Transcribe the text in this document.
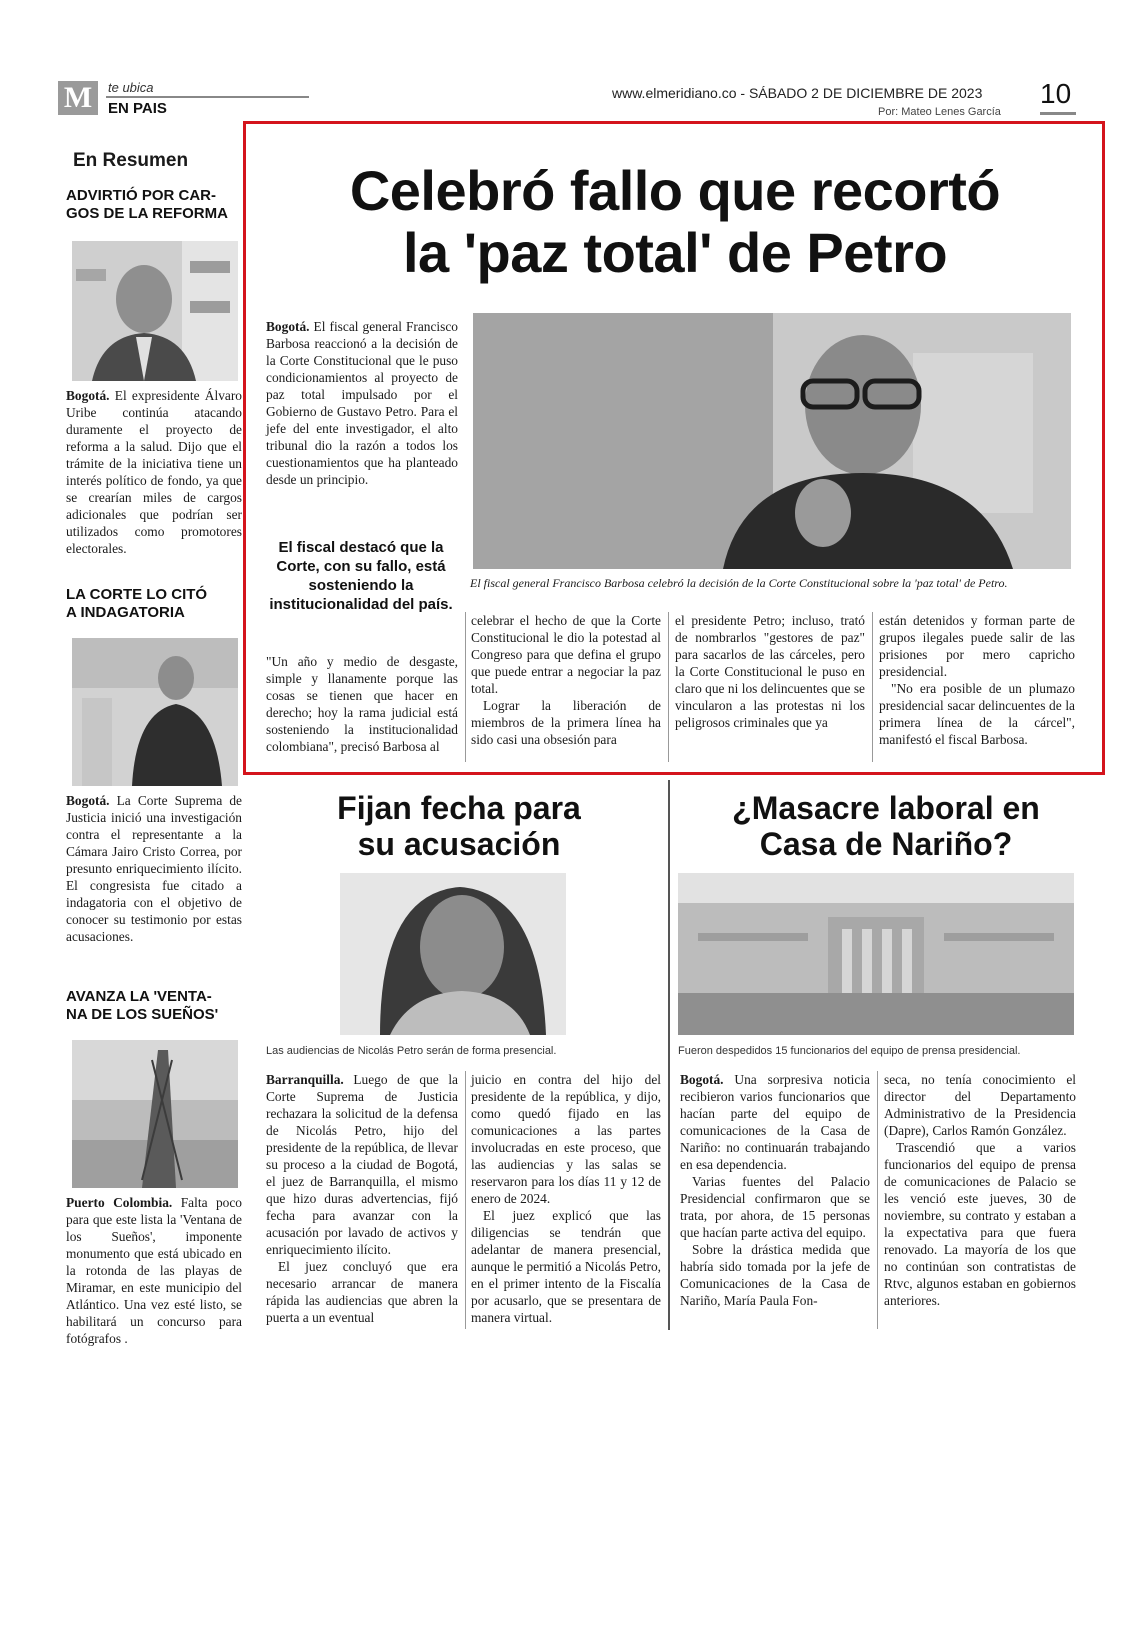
M	te ubica
EN PAIS
www.elmeridiano.co - SÁBADO 2 DE DICIEMBRE DE 2023
Por: Mateo Lenes García
10
En Resumen
ADVIRTIÓ POR CAR-
GOS DE LA REFORMA

Bogotá. El expresidente Álvaro Uribe continúa atacando duramente el proyecto de reforma a la salud. Dijo que el trámite de la iniciativa tiene un interés político de fondo, ya que se crearían miles de cargos adicionales que podrían ser utilizados como promotores electorales.

LA CORTE LO CITÓ
A INDAGATORIA

Bogotá. La Corte Suprema de Justicia inició una investigación contra el representante a la Cámara Jairo Cristo Correa, por presunto enriquecimiento ilícito. El congresista fue citado a indagatoria con el objetivo de conocer su testimonio por estas acusaciones.

AVANZA LA 'VENTA-
NA DE LOS SUEÑOS'

Puerto Colombia. Falta poco para que este lista la 'Ventana de los Sueños', imponente monumento que está ubicado en la rotonda de las playas de Miramar, en este municipio del Atlántico. Una vez esté listo, se habilitará un concurso para fotógrafos .

Celebró fallo que recortó
la 'paz total' de Petro

Bogotá. El fiscal general Francisco Barbosa reaccionó a la decisión de la Corte Constitucional que le puso condicionamientos al proyecto de paz total impulsado por el Gobierno de Gustavo Petro. Para el jefe del ente investigador, el alto tribunal dio la razón a todos los cuestionamientos que ha planteado desde un principio.

El fiscal destacó que la Corte, con su fallo, está sosteniendo la institucionalidad del país.

"Un año y medio de desgaste, simple y llanamente porque las cosas se tienen que hacer en derecho; hoy la rama judicial está sosteniendo la institucionalidad colombiana", precisó Barbosa al

El fiscal general Francisco Barbosa celebró la decisión de la Corte Constitucional sobre la 'paz total' de Petro.

celebrar el hecho de que la Corte Constitucional le dio la potestad al Congreso para que defina el grupo que puede entrar a negociar la paz total.

Lograr la liberación de miembros de la primera línea ha sido casi una obsesión para

el presidente Petro; incluso, trató de nombrarlos "gestores de paz" para sacarlos de las cárceles, pero la Corte Constitucional le puso en claro que ni los delincuentes que se vincularon a las protestas ni los peligrosos criminales que ya

están detenidos y forman parte de grupos ilegales puede salir de las prisiones por mero capricho presidencial.

"No era posible de un plumazo presidencial sacar delincuentes de la primera línea de la cárcel", manifestó el fiscal Barbosa.

Fijan fecha para
su acusación
Las audiencias de Nicolás Petro serán de forma presencial.

Barranquilla. Luego de que la Corte Suprema de Justicia rechazara la solicitud de la defensa de Nicolás Petro, hijo del presidente de la república, de llevar su proceso a la ciudad de Bogotá, el juez de Barranquilla, el mismo que hizo duras advertencias, fijó fecha para avanzar con la acusación por lavado de activos y enriquecimiento ilícito.

El juez concluyó que era necesario arrancar de manera rápida las audiencias que abren la puerta a un eventual

juicio en contra del hijo del presidente de la república, y dijo, como quedó fijado en las comunicaciones a las partes involucradas en este proceso, que las audiencias y las salas se reservaron para los días 11 y 12 de enero de 2024.

El juez explicó que las diligencias se tendrán que adelantar de manera presencial, aunque le permitió a Nicolás Petro, en el primer intento de la Fiscalía por acusarlo, que se presentara de manera virtual.

¿Masacre laboral en
Casa de Nariño?
Fueron despedidos 15 funcionarios del equipo de prensa presidencial.

Bogotá. Una sorpresiva noticia recibieron varios funcionarios que hacían parte del equipo de comunicaciones de la Casa de Nariño: no continuarán trabajando en esa dependencia.

Varias fuentes del Palacio Presidencial confirmaron que se trata, por ahora, de 15 personas que hacían parte activa del equipo.

Sobre la drástica medida que habría sido tomada por la jefe de Comunicaciones de la Casa de Nariño, María Paula Fon-

seca, no tenía conocimiento el director del Departamento Administrativo de la Presidencia (Dapre), Carlos Ramón González.

Trascendió que a varios funcionarios del equipo de prensa de comunicaciones de Palacio se les venció este jueves, 30 de noviembre, su contrato y estaban a la expectativa para que fuera renovado. La mayoría de los que no continúan son contratistas de Rtvc, algunos estaban en gobiernos anteriores.
